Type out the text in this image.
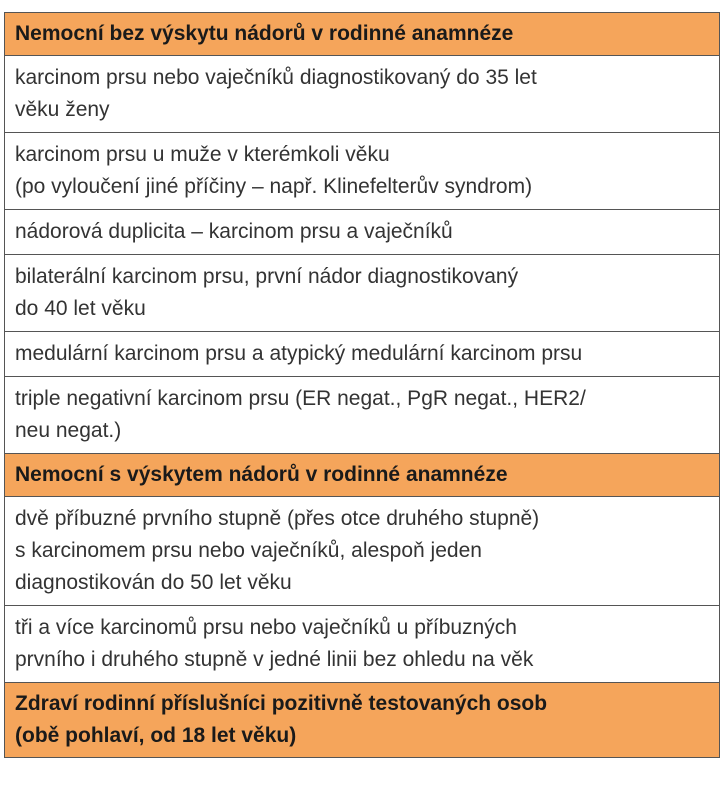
Nemocní bez výskytu nádorů v rodinné anamnéze

karcinom prsu nebo vaječníků diagnostikovaný do 35 let
věku ženy

karcinom prsu u muže v kterémkoli věku
(po vyloučení jiné příčiny – např. Klinefelterův syndrom)

nádorová duplicita – karcinom prsu a vaječníků

bilaterální karcinom prsu, první nádor diagnostikovaný
do 40 let věku

medulární karcinom prsu a atypický medulární karcinom prsu

triple negativní karcinom prsu (ER negat., PgR negat., HER2/
neu negat.)

Nemocní s výskytem nádorů v rodinné anamnéze

dvě příbuzné prvního stupně (přes otce druhého stupně)
s karcinomem prsu nebo vaječníků, alespoň jeden
diagnostikován do 50 let věku

tři a více karcinomů prsu nebo vaječníků u příbuzných
prvního i druhého stupně v jedné linii bez ohledu na věk

Zdraví rodinní příslušníci pozitivně testovaných osob
(obě pohlaví, od 18 let věku)
